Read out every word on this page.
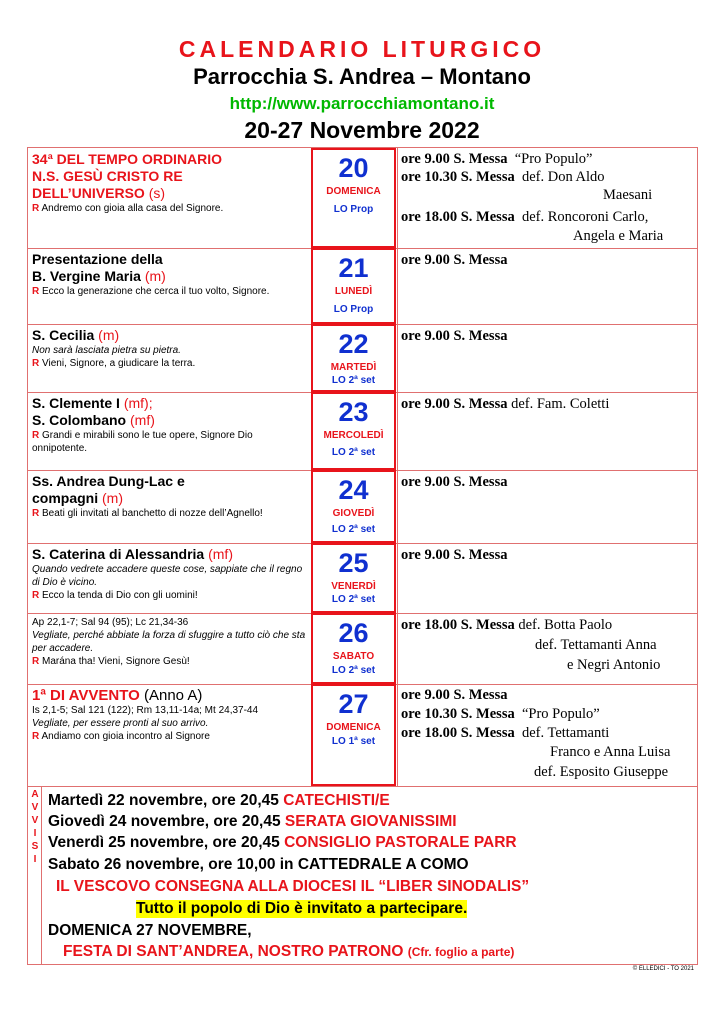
CALENDARIO LITURGICO
Parrocchia S. Andrea – Montano
http://www.parrocchiamontano.it
20-27 Novembre 2022
34ª DEL TEMPO ORDINARIO
N.S. GESÙ CRISTO RE
DELL’UNIVERSO (s)
R Andremo con gioia alla casa del Signore.
20
DOMENICA
LO Prop
ore 9.00 S. Messa “Pro Populo”
ore 10.30 S. Messa def. Don Aldo
Maesani
ore 18.00 S. Messa def. Roncoroni Carlo,
Angela e Maria
Presentazione della
B. Vergine Maria (m)
R Ecco la generazione che cerca il tuo volto, Signore.
21
LUNEDÌ
LO Prop
ore 9.00 S. Messa
S. Cecilia (m)
Non sarà lasciata pietra su pietra.
R Vieni, Signore, a giudicare la terra.
22
MARTEDÌ
LO 2ª set
ore 9.00 S. Messa
S. Clemente I (mf);
S. Colombano (mf)
R Grandi e mirabili sono le tue opere, Signore Dio onnipotente.
23
MERCOLEDÌ
LO 2ª set
ore 9.00 S. Messa def. Fam. Coletti
Ss. Andrea Dung-Lac e
compagni (m)
R Beati gli invitati al banchetto di nozze dell’Agnello!
24
GIOVEDÌ
LO 2ª set
ore 9.00 S. Messa
S. Caterina di Alessandria (mf)
Quando vedrete accadere queste cose, sappiate che il regno di Dio è vicino.
R Ecco la tenda di Dio con gli uomini!
25
VENERDÌ
LO 2ª set
ore 9.00 S. Messa
Ap 22,1-7; Sal 94 (95); Lc 21,34-36
Vegliate, perché abbiate la forza di sfuggire a tutto ciò che sta per accadere.
R Marána tha! Vieni, Signore Gesù!
26
SABATO
LO 2ª set
ore 18.00 S. Messa def. Botta Paolo
def. Tettamanti Anna
e Negri Antonio
1ª DI AVVENTO (Anno A)
Is 2,1-5; Sal 121 (122); Rm 13,11-14a; Mt 24,37-44
Vegliate, per essere pronti al suo arrivo.
R Andiamo con gioia incontro al Signore
27
DOMENICA
LO 1ª set
ore 9.00 S. Messa
ore 10.30 S. Messa “Pro Populo”
ore 18.00 S. Messa def. Tettamanti
Franco e Anna Luisa
def. Esposito Giuseppe
A
V
V
I
S
I
Martedì 22 novembre, ore 20,45 CATECHISTI/E
Giovedì 24 novembre, ore 20,45 SERATA GIOVANISSIMI
Venerdì 25 novembre, ore 20,45 CONSIGLIO PASTORALE PARR
Sabato 26 novembre, ore 10,00 in CATTEDRALE A COMO
IL VESCOVO CONSEGNA ALLA DIOCESI IL “LIBER SINODALIS”
Tutto il popolo di Dio è invitato a partecipare.
DOMENICA 27 NOVEMBRE,
FESTA DI SANT’ANDREA, NOSTRO PATRONO (Cfr. foglio a parte)
© ELLEDICI - TO 2021
